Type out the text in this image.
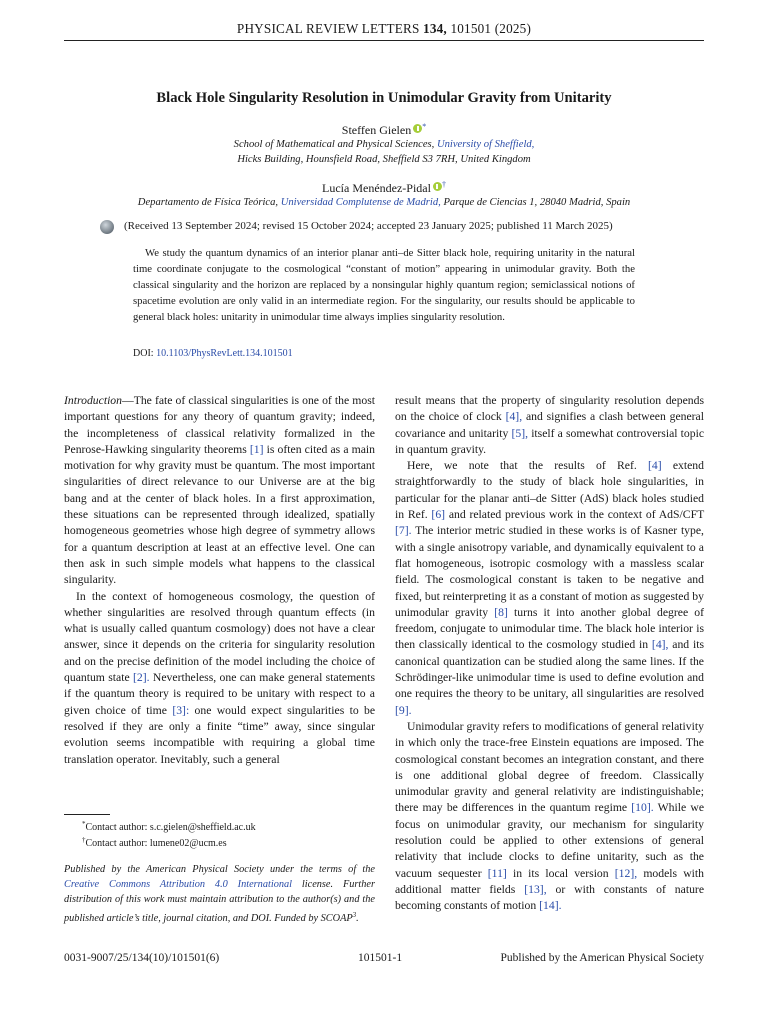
PHYSICAL REVIEW LETTERS 134, 101501 (2025)
Black Hole Singularity Resolution in Unimodular Gravity from Unitarity
Steffen Gielen *
School of Mathematical and Physical Sciences, University of Sheffield,
Hicks Building, Hounsfield Road, Sheffield S3 7RH, United Kingdom
Lucía Menéndez-Pidal †
Departamento de Física Teórica, Universidad Complutense de Madrid, Parque de Ciencias 1, 28040 Madrid, Spain
(Received 13 September 2024; revised 15 October 2024; accepted 23 January 2025; published 11 March 2025)
We study the quantum dynamics of an interior planar anti–de Sitter black hole, requiring unitarity in the natural time coordinate conjugate to the cosmological “constant of motion” appearing in unimodular gravity. Both the classical singularity and the horizon are replaced by a nonsingular highly quantum region; semiclassical notions of spacetime evolution are only valid in an intermediate region. For the singularity, our results should be applicable to general black holes: unitarity in unimodular time always implies singularity resolution.
DOI: 10.1103/PhysRevLett.134.101501

Introduction—The fate of classical singularities is one of the most important questions for any theory of quantum gravity; indeed, the incompleteness of classical relativity formalized in the Penrose-Hawking singularity theorems [1] is often cited as a main motivation for why gravity must be quantum. The most important singularities of direct relevance to our Universe are at the big bang and at the center of black holes. In a first approximation, these situations can be represented through idealized, spatially homogeneous geometries whose high degree of symmetry allows for a quantum description at least at an effective level. One can then ask in such simple models what happens to the classical singularity.

In the context of homogeneous cosmology, the question of whether singularities are resolved through quantum effects (in what is usually called quantum cosmology) does not have a clear answer, since it depends on the criteria for singularity resolution and on the precise definition of the model including the choice of quantum state [2]. Nevertheless, one can make general statements if the quantum theory is required to be unitary with respect to a given choice of time [3]: one would expect singularities to be resolved if they are only a finite “time” away, since singular evolution seems incompatible with requiring a global time translation operator. Inevitably, such a general

*Contact author: s.c.gielen@sheffield.ac.uk
†Contact author: lumene02@ucm.es
Published by the American Physical Society under the terms of the Creative Commons Attribution 4.0 International license. Further distribution of this work must maintain attribution to the author(s) and the published article’s title, journal citation, and DOI. Funded by SCOAP$^3$.

result means that the property of singularity resolution depends on the choice of clock [4], and signifies a clash between general covariance and unitarity [5], itself a somewhat controversial topic in quantum gravity.

Here, we note that the results of Ref. [4] extend straightforwardly to the study of black hole singularities, in particular for the planar anti–de Sitter (AdS) black holes studied in Ref. [6] and related previous work in the context of AdS/CFT [7]. The interior metric studied in these works is of Kasner type, with a single anisotropy variable, and dynamically equivalent to a flat homogeneous, isotropic cosmology with a massless scalar field. The cosmological constant is taken to be negative and fixed, but reinterpreting it as a constant of motion as suggested by unimodular gravity [8] turns it into another global degree of freedom, conjugate to unimodular time. The black hole interior is then classically identical to the cosmology studied in [4], and its canonical quantization can be studied along the same lines. If the Schrödinger-like unimodular time is used to define evolution and one requires the theory to be unitary, all singularities are resolved [9].

Unimodular gravity refers to modifications of general relativity in which only the trace-free Einstein equations are imposed. The cosmological constant becomes an integration constant, and there is one additional global degree of freedom. Classically unimodular gravity and general relativity are indistinguishable; there may be differences in the quantum regime [10]. While we focus on unimodular gravity, our mechanism for singularity resolution could be applied to other extensions of general relativity that include clocks to define unitarity, such as the vacuum sequester [11] in its local version [12], models with additional matter fields [13], or with constants of nature becoming constants of motion [14].

0031-9007/25/134(10)/101501(6)	101501-1	Published by the American Physical Society
